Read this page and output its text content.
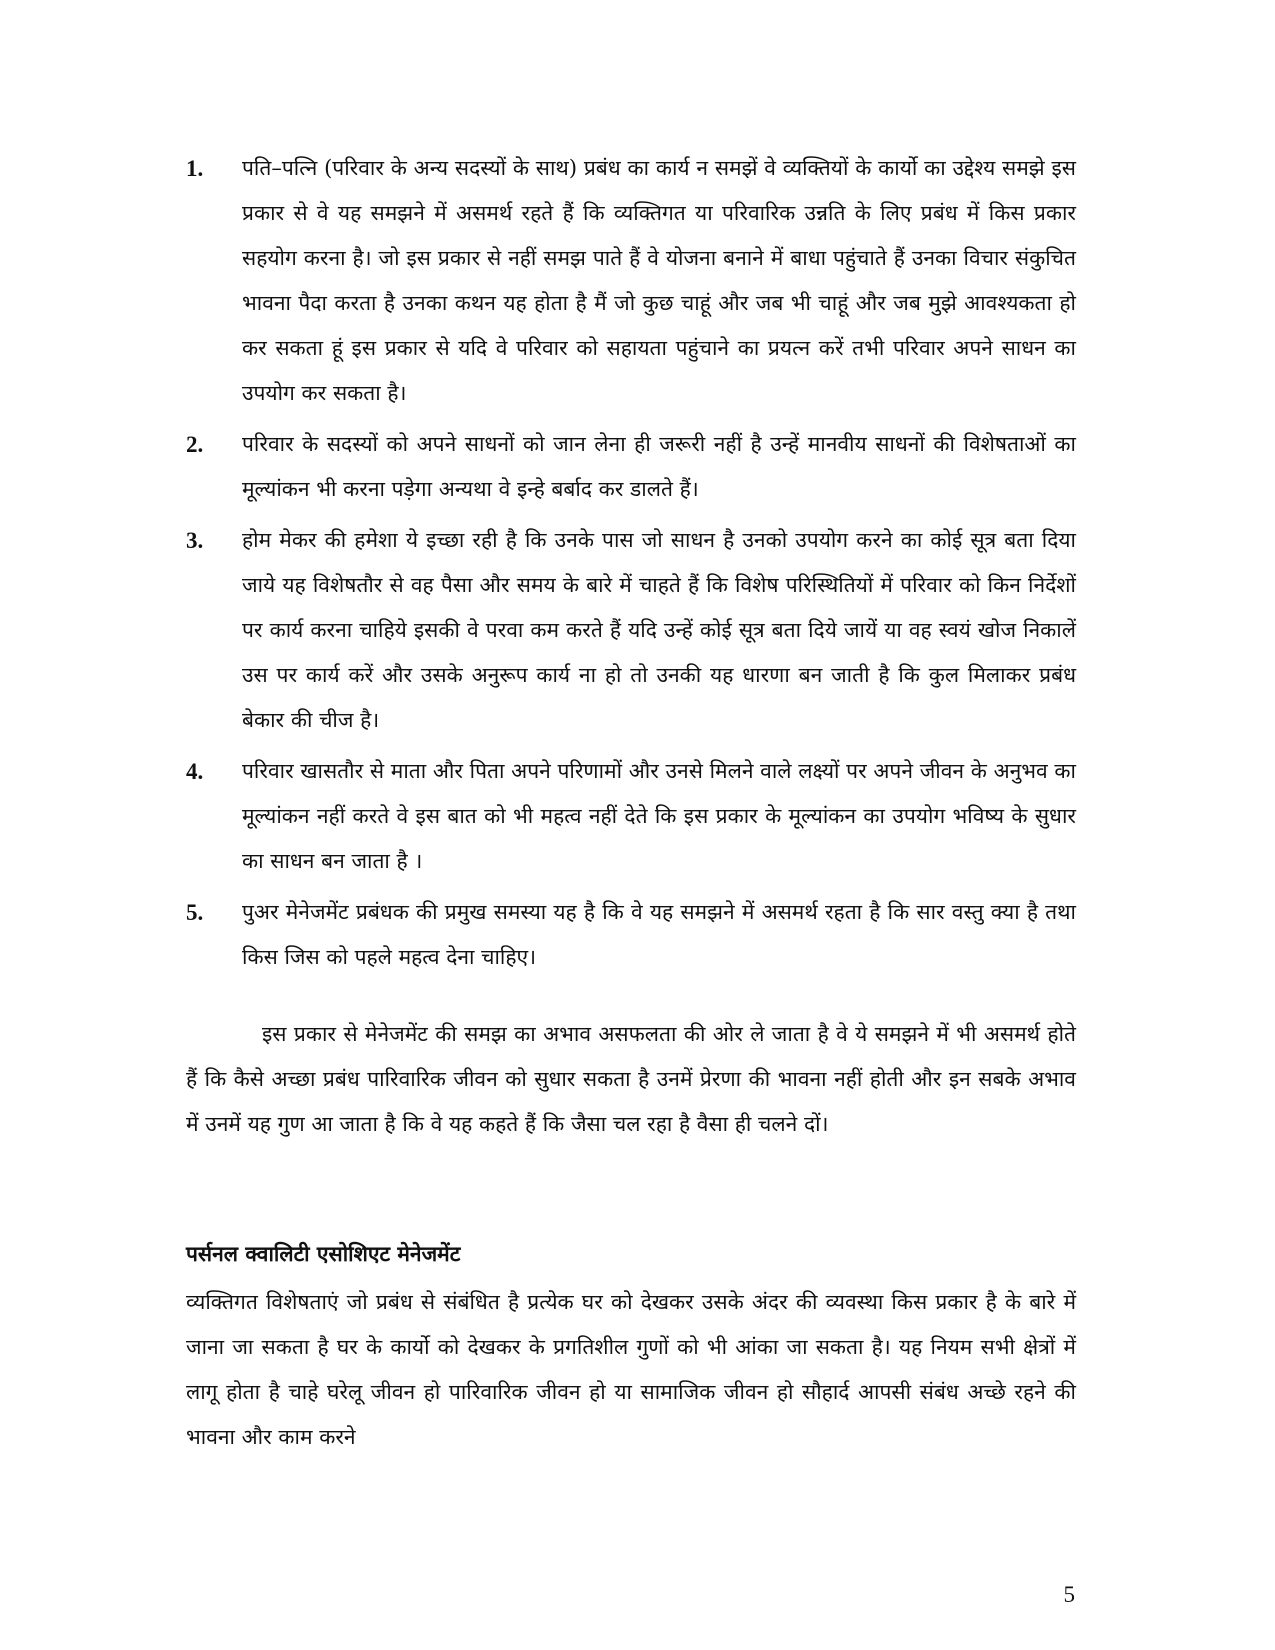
1.	पति–पत्नि (परिवार के अन्य सदस्यों के साथ) प्रबंध का कार्य न समझें वे व्यक्तियों के कार्यो का उद्देश्य समझे इस प्रकार से वे यह समझने में असमर्थ रहते हैं कि व्यक्तिगत या परिवारिक उन्नति के लिए प्रबंध में किस प्रकार सहयोग करना है। जो इस प्रकार से नहीं समझ पाते हैं वे योजना बनाने में बाधा पहुंचाते हैं उनका विचार संकुचित भावना पैदा करता है उनका कथन यह होता है मैं जो कुछ चाहूं और जब भी चाहूं और जब मुझे आवश्यकता हो कर सकता हूं इस प्रकार से यदि वे परिवार को सहायता पहुंचाने का प्रयत्न करें तभी परिवार अपने साधन का उपयोग कर सकता है।
2.	परिवार के सदस्यों को अपने साधनों को जान लेना ही जरूरी नहीं है उन्हें मानवीय साधनों की विशेषताओं का मूल्यांकन भी करना पड़ेगा अन्यथा वे इन्हे बर्बाद कर डालते हैं।
3.	होम मेकर की हमेशा ये इच्छा रही है कि उनके पास जो साधन है उनको उपयोग करने का कोई सूत्र बता दिया जाये यह विशेषतौर से वह पैसा और समय के बारे में चाहते हैं कि विशेष परिस्थितियों में परिवार को किन निर्देशों पर कार्य करना चाहिये इसकी वे परवा कम करते हैं यदि उन्हें कोई सूत्र बता दिये जायें या वह स्वयं खोज निकालें उस पर कार्य करें और उसके अनुरूप कार्य ना हो तो उनकी यह धारणा बन जाती है कि कुल मिलाकर प्रबंध बेकार की चीज है।
4.	परिवार खासतौर से माता और पिता अपने परिणामों और उनसे मिलने वाले लक्ष्यों पर अपने जीवन के अनुभव का मूल्यांकन नहीं करते वे इस बात को भी महत्व नहीं देते कि इस प्रकार के मूल्यांकन का उपयोग भविष्य के सुधार का साधन बन जाता है ।
5.	पुअर मेनेजमेंट प्रबंधक की प्रमुख समस्या यह है कि वे यह समझने में असमर्थ रहता है कि सार वस्तु क्या है तथा किस जिस को पहले महत्व देना चाहिए।

इस प्रकार से मेनेजमेंट की समझ का अभाव असफलता की ओर ले जाता है वे ये समझने में भी असमर्थ होते हैं कि कैसे अच्छा प्रबंध पारिवारिक जीवन को सुधार सकता है उनमें प्रेरणा की भावना नहीं होती और इन सबके अभाव में उनमें यह गुण आ जाता है कि वे यह कहते हैं कि जैसा चल रहा है वैसा ही चलने दों।

पर्सनल क्वालिटी एसोशिएट मेनेजमेंट

व्यक्तिगत विशेषताएं जो प्रबंध से संबंधित है प्रत्येक घर को देखकर उसके अंदर की व्यवस्था किस प्रकार है के बारे में जाना जा सकता है घर के कार्यो को देखकर के प्रगतिशील गुणों को भी आंका जा सकता है। यह नियम सभी क्षेत्रों में लागू होता है चाहे घरेलू जीवन हो पारिवारिक जीवन हो या सामाजिक जीवन हो सौहार्द आपसी संबंध अच्छे रहने की भावना और काम करने

5
